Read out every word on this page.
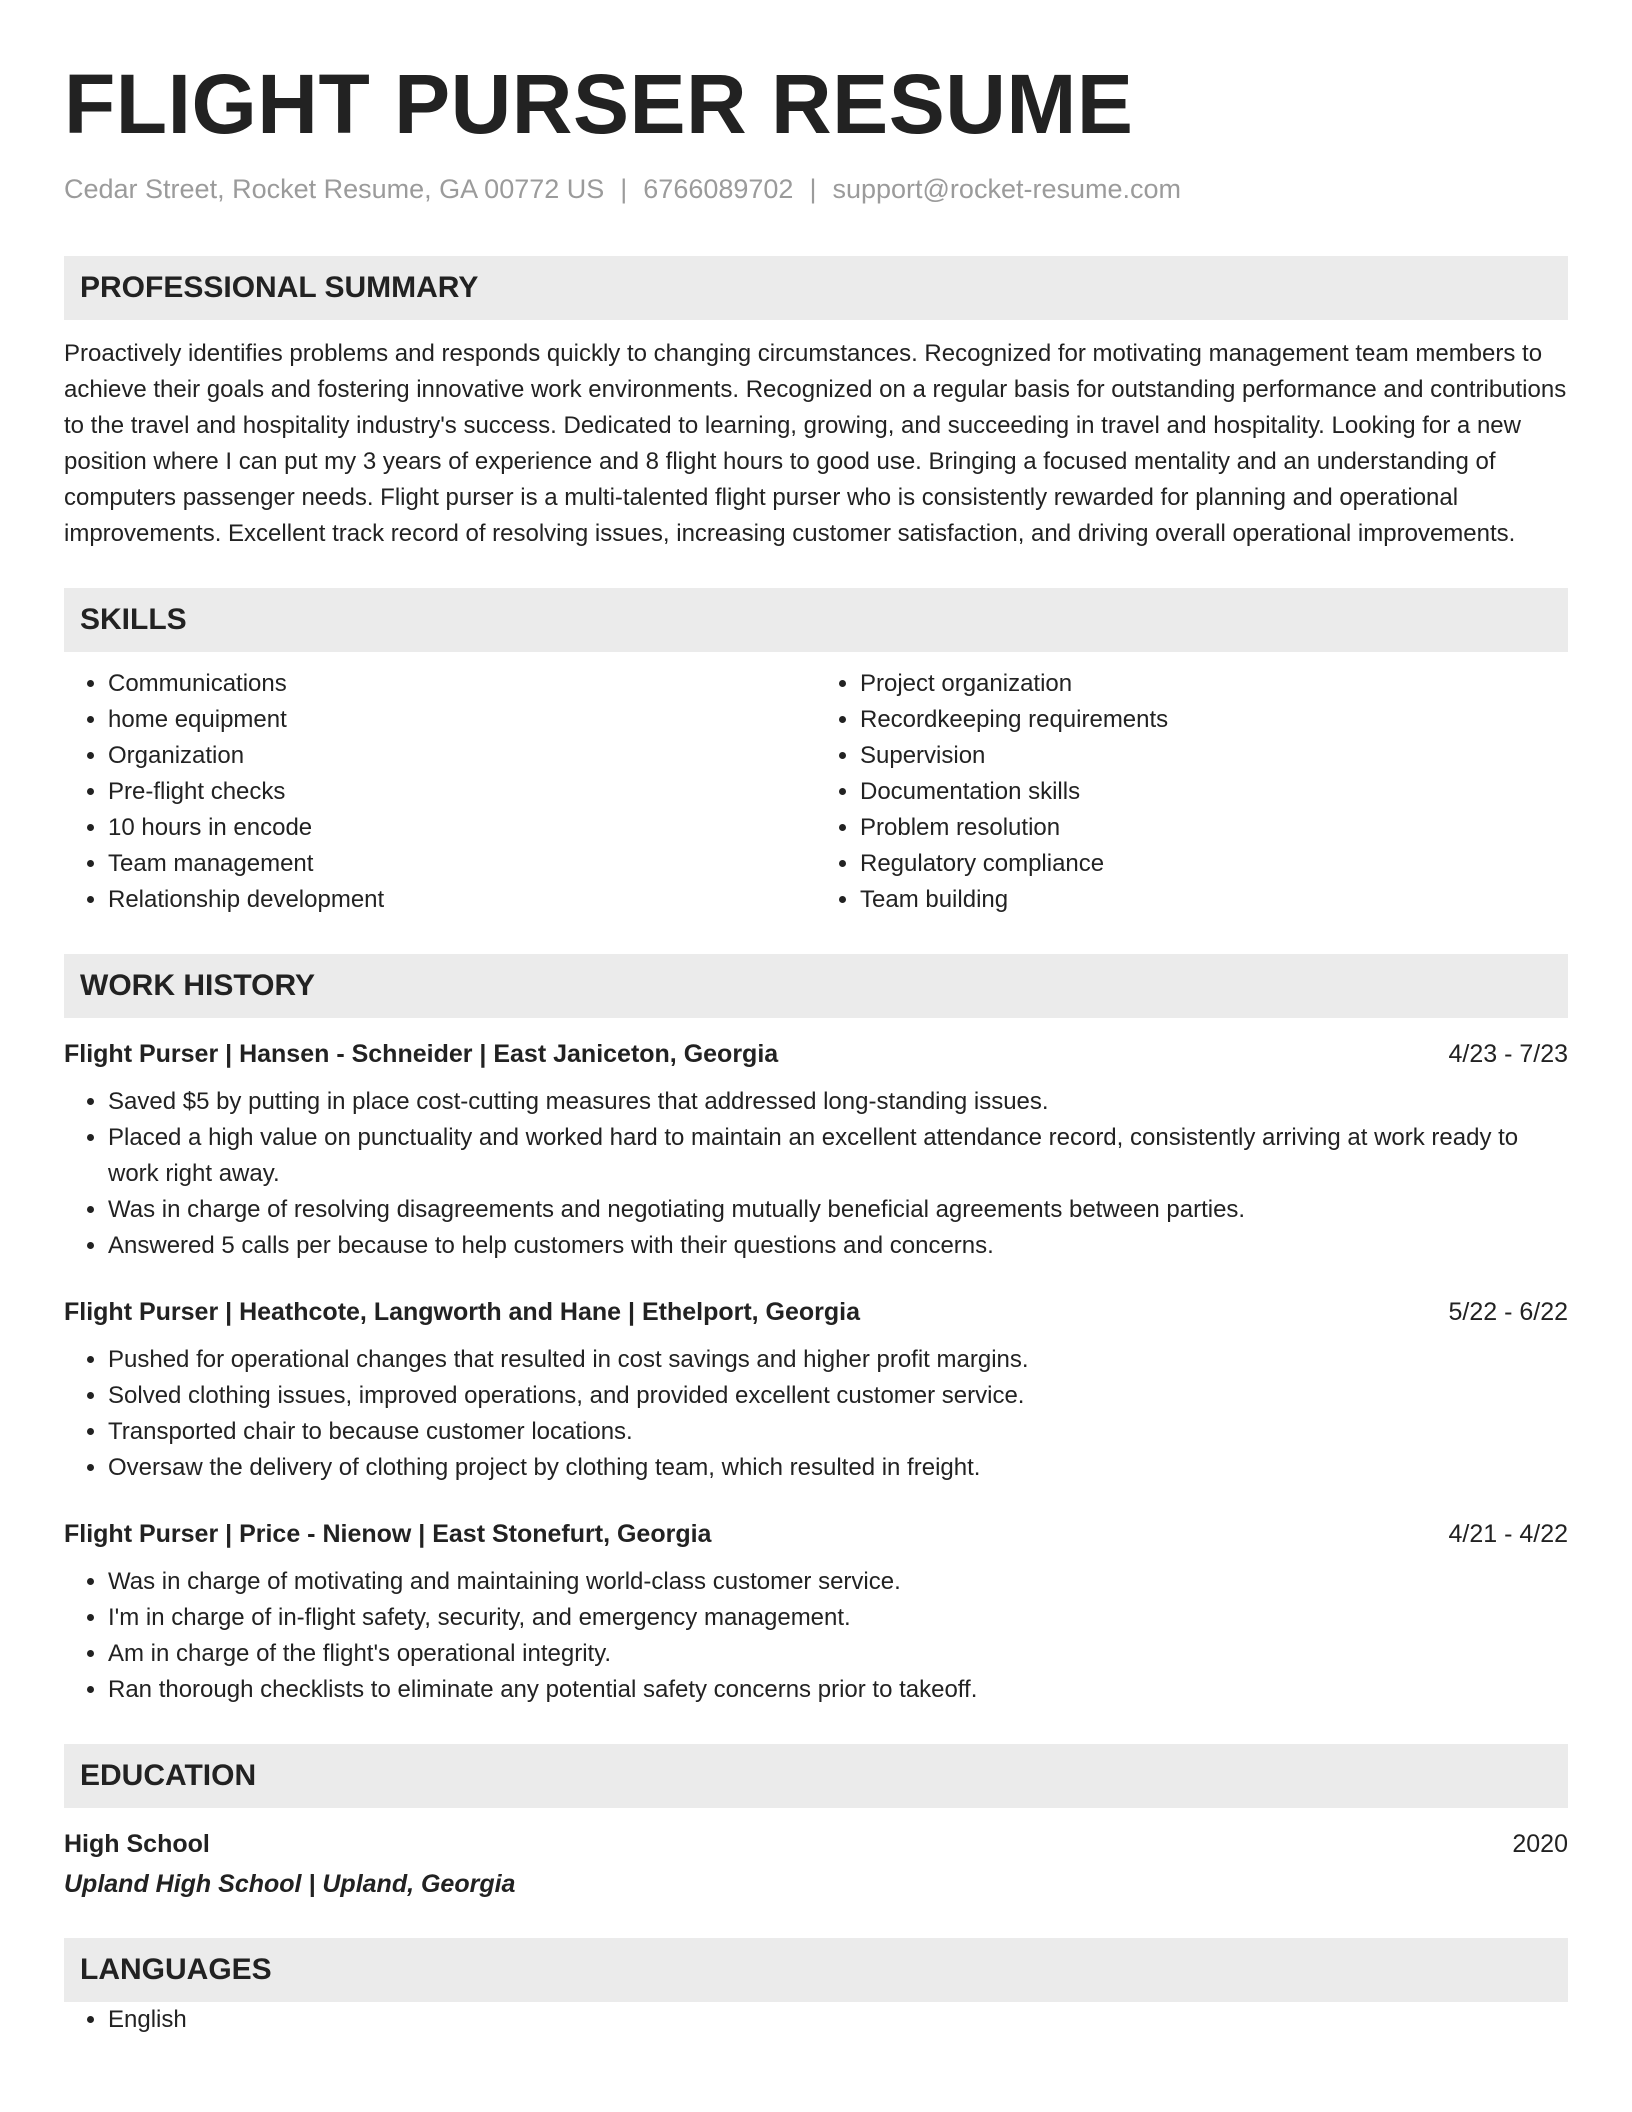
FLIGHT PURSER RESUME
Cedar Street, Rocket Resume, GA 00772 US | 6766089702 | support@rocket-resume.com
PROFESSIONAL SUMMARY

Proactively identifies problems and responds quickly to changing circumstances. Recognized for motivating management team members to achieve their goals and fostering innovative work environments. Recognized on a regular basis for outstanding performance and contributions to the travel and hospitality industry's success. Dedicated to learning, growing, and succeeding in travel and hospitality. Looking for a new position where I can put my 3 years of experience and 8 flight hours to good use. Bringing a focused mentality and an understanding of computers passenger needs. Flight purser is a multi-talented flight purser who is consistently rewarded for planning and operational improvements. Excellent track record of resolving issues, increasing customer satisfaction, and driving overall operational improvements.

SKILLS
• Communications
• home equipment
• Organization
• Pre-flight checks
• 10 hours in encode
• Team management
• Relationship development
• Project organization
• Recordkeeping requirements
• Supervision
• Documentation skills
• Problem resolution
• Regulatory compliance
• Team building
WORK HISTORY
Flight Purser | Hansen - Schneider | East Janiceton, Georgia	4/23 - 7/23
• Saved $5 by putting in place cost-cutting measures that addressed long-standing issues.
• Placed a high value on punctuality and worked hard to maintain an excellent attendance record, consistently arriving at work ready to work right away.
• Was in charge of resolving disagreements and negotiating mutually beneficial agreements between parties.
• Answered 5 calls per because to help customers with their questions and concerns.
Flight Purser | Heathcote, Langworth and Hane | Ethelport, Georgia	5/22 - 6/22
• Pushed for operational changes that resulted in cost savings and higher profit margins.
• Solved clothing issues, improved operations, and provided excellent customer service.
• Transported chair to because customer locations.
• Oversaw the delivery of clothing project by clothing team, which resulted in freight.
Flight Purser | Price - Nienow | East Stonefurt, Georgia	4/21 - 4/22
• Was in charge of motivating and maintaining world-class customer service.
• I'm in charge of in-flight safety, security, and emergency management.
• Am in charge of the flight's operational integrity.
• Ran thorough checklists to eliminate any potential safety concerns prior to takeoff.
EDUCATION
High School	2020
Upland High School | Upland, Georgia
LANGUAGES
• English
